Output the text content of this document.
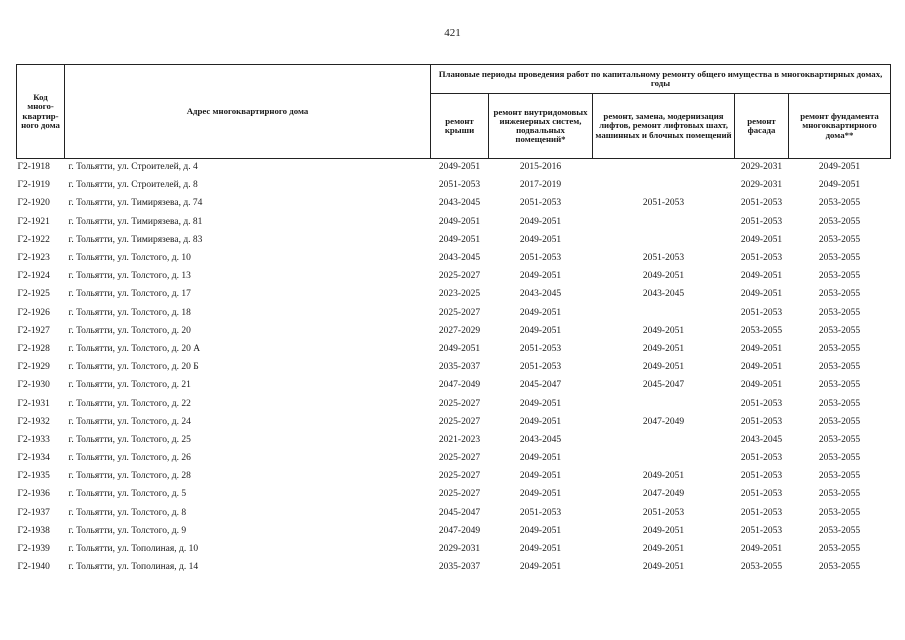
421
Код много-квартир-ного дома	Адрес многоквартирного дома	Плановые периоды проведения работ по капитальному ремонту общего имущества в многоквартирных домах, годы				
		ремонт крыши	ремонт внутридомовых инженерных систем, подвальных помещений*	ремонт, замена, модернизация лифтов, ремонт лифтовых шахт, машинных и блочных помещений	ремонт фасада	ремонт фундамента многоквартирного дома**
Г2-1918	г. Тольятти, ул. Строителей, д. 4	2049-2051	2015-2016		2029-2031	2049-2051
Г2-1919	г. Тольятти, ул. Строителей, д. 8	2051-2053	2017-2019		2029-2031	2049-2051
Г2-1920	г. Тольятти, ул. Тимирязева, д. 74	2043-2045	2051-2053	2051-2053	2051-2053	2053-2055
Г2-1921	г. Тольятти, ул. Тимирязева, д. 81	2049-2051	2049-2051		2051-2053	2053-2055
Г2-1922	г. Тольятти, ул. Тимирязева, д. 83	2049-2051	2049-2051		2049-2051	2053-2055
Г2-1923	г. Тольятти, ул. Толстого, д. 10	2043-2045	2051-2053	2051-2053	2051-2053	2053-2055
Г2-1924	г. Тольятти, ул. Толстого, д. 13	2025-2027	2049-2051	2049-2051	2049-2051	2053-2055
Г2-1925	г. Тольятти, ул. Толстого, д. 17	2023-2025	2043-2045	2043-2045	2049-2051	2053-2055
Г2-1926	г. Тольятти, ул. Толстого, д. 18	2025-2027	2049-2051		2051-2053	2053-2055
Г2-1927	г. Тольятти, ул. Толстого, д. 20	2027-2029	2049-2051	2049-2051	2053-2055	2053-2055
Г2-1928	г. Тольятти, ул. Толстого, д. 20 А	2049-2051	2051-2053	2049-2051	2049-2051	2053-2055
Г2-1929	г. Тольятти, ул. Толстого, д. 20 Б	2035-2037	2051-2053	2049-2051	2049-2051	2053-2055
Г2-1930	г. Тольятти, ул. Толстого, д. 21	2047-2049	2045-2047	2045-2047	2049-2051	2053-2055
Г2-1931	г. Тольятти, ул. Толстого, д. 22	2025-2027	2049-2051		2051-2053	2053-2055
Г2-1932	г. Тольятти, ул. Толстого, д. 24	2025-2027	2049-2051	2047-2049	2051-2053	2053-2055
Г2-1933	г. Тольятти, ул. Толстого, д. 25	2021-2023	2043-2045		2043-2045	2053-2055
Г2-1934	г. Тольятти, ул. Толстого, д. 26	2025-2027	2049-2051		2051-2053	2053-2055
Г2-1935	г. Тольятти, ул. Толстого, д. 28	2025-2027	2049-2051	2049-2051	2051-2053	2053-2055
Г2-1936	г. Тольятти, ул. Толстого, д. 5	2025-2027	2049-2051	2047-2049	2051-2053	2053-2055
Г2-1937	г. Тольятти, ул. Толстого, д. 8	2045-2047	2051-2053	2051-2053	2051-2053	2053-2055
Г2-1938	г. Тольятти, ул. Толстого, д. 9	2047-2049	2049-2051	2049-2051	2051-2053	2053-2055
Г2-1939	г. Тольятти, ул. Тополиная, д. 10	2029-2031	2049-2051	2049-2051	2049-2051	2053-2055
Г2-1940	г. Тольятти, ул. Тополиная, д. 14	2035-2037	2049-2051	2049-2051	2053-2055	2053-2055
